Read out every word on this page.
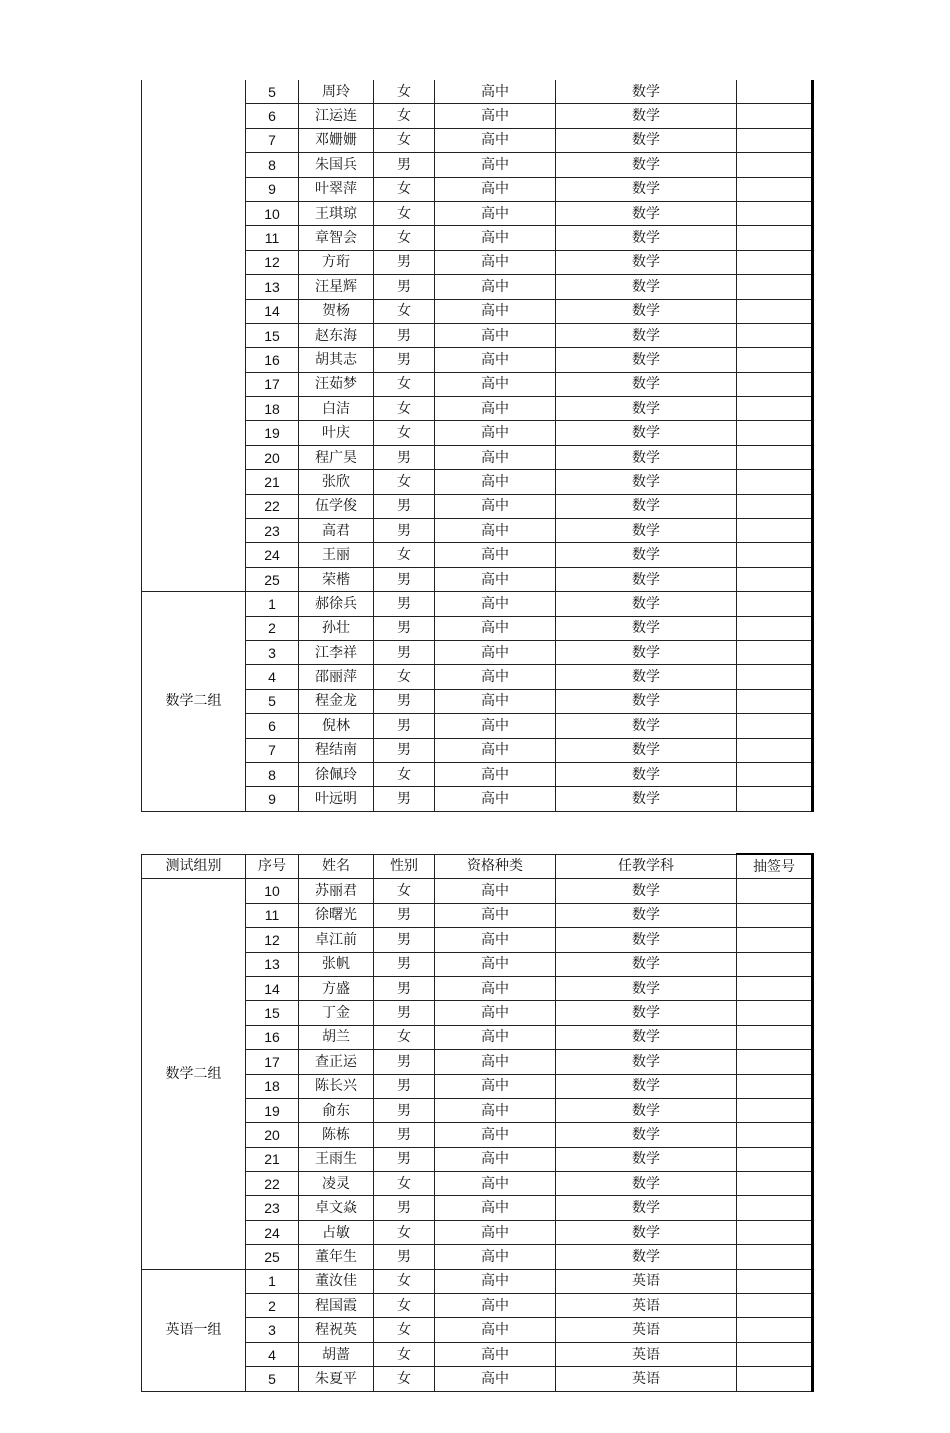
	5	周玲	女	高中	数学	
	6	江运连	女	高中	数学	
	7	邓姗姗	女	高中	数学	
	8	朱国兵	男	高中	数学	
	9	叶翠萍	女	高中	数学	
	10	王琪琼	女	高中	数学	
	11	章智会	女	高中	数学	
	12	方珩	男	高中	数学	
	13	汪星辉	男	高中	数学	
	14	贺杨	女	高中	数学	
	15	赵东海	男	高中	数学	
	16	胡其志	男	高中	数学	
	17	汪茹梦	女	高中	数学	
	18	白洁	女	高中	数学	
	19	叶庆	女	高中	数学	
	20	程广昊	男	高中	数学	
	21	张欣	女	高中	数学	
	22	伍学俊	男	高中	数学	
	23	高君	男	高中	数学	
	24	王丽	女	高中	数学	
	25	荣楷	男	高中	数学	
数学二组	1	郝徐兵	男	高中	数学	
	2	孙壮	男	高中	数学	
	3	江李祥	男	高中	数学	
	4	邵丽萍	女	高中	数学	
	5	程金龙	男	高中	数学	
	6	倪林	男	高中	数学	
	7	程结南	男	高中	数学	
	8	徐佩玲	女	高中	数学	
	9	叶远明	男	高中	数学	
测试组别	序号	姓名	性别	资格种类	任教学科	抽签号
数学二组	10	苏丽君	女	高中	数学	
	11	徐曙光	男	高中	数学	
	12	卓江前	男	高中	数学	
	13	张帆	男	高中	数学	
	14	方盛	男	高中	数学	
	15	丁金	男	高中	数学	
	16	胡兰	女	高中	数学	
	17	查正运	男	高中	数学	
	18	陈长兴	男	高中	数学	
	19	俞东	男	高中	数学	
	20	陈栋	男	高中	数学	
	21	王雨生	男	高中	数学	
	22	凌灵	女	高中	数学	
	23	卓文焱	男	高中	数学	
	24	占敏	女	高中	数学	
	25	董年生	男	高中	数学	
英语一组	1	董汝佳	女	高中	英语	
	2	程国霞	女	高中	英语	
	3	程祝英	女	高中	英语	
	4	胡蔷	女	高中	英语	
	5	朱夏平	女	高中	英语	
